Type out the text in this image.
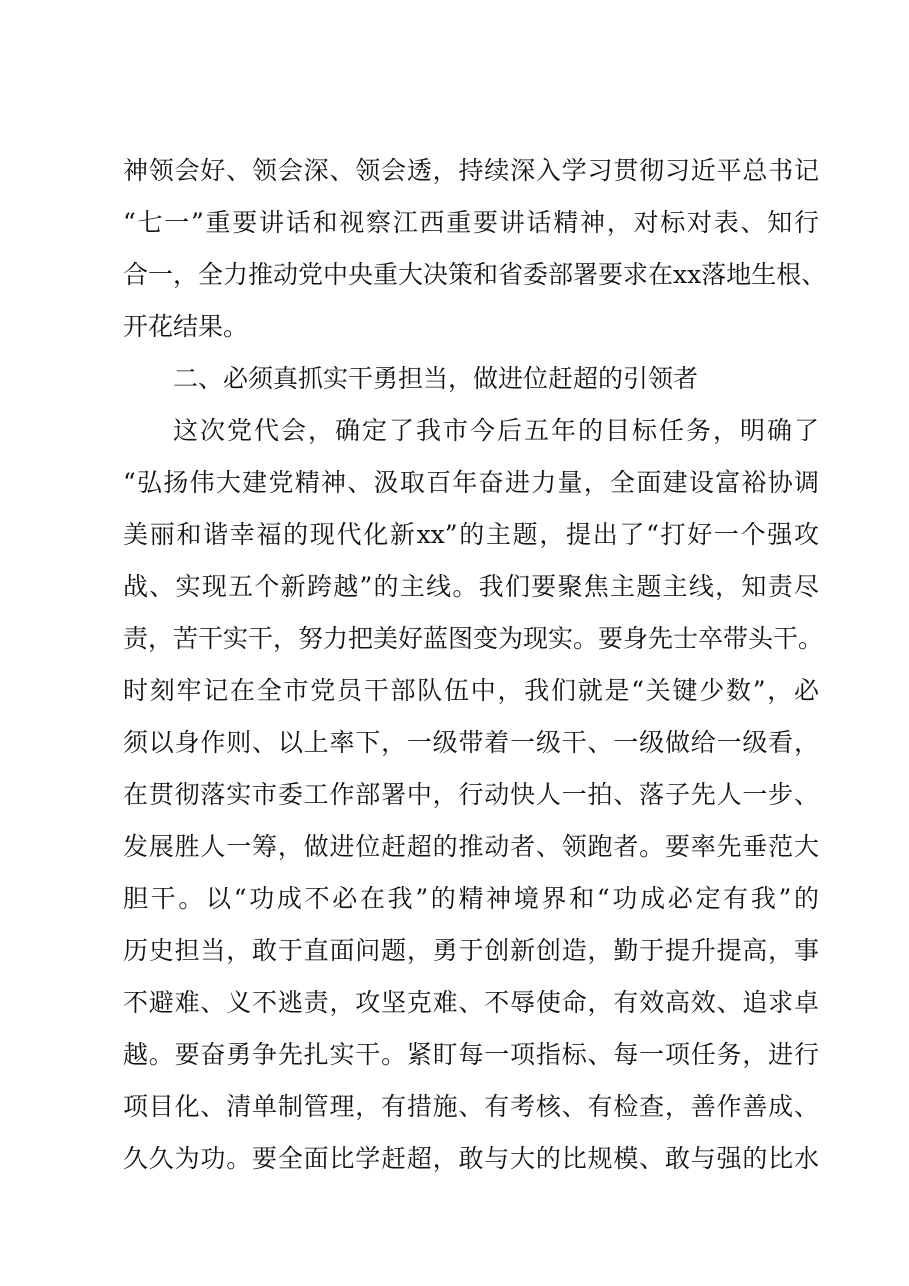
神领会好、领会深、领会透，持续深入学习贯彻习近平总书记
“七一”重要讲话和视察江西重要讲话精神，对标对表、知行
合一，全力推动党中央重大决策和省委部署要求在xx落地生根、
开花结果。
二、必须真抓实干勇担当，做进位赶超的引领者
这次党代会，确定了我市今后五年的目标任务，明确了
“弘扬伟大建党精神、汲取百年奋进力量，全面建设富裕协调
美丽和谐幸福的现代化新xx”的主题，提出了“打好一个强攻
战、实现五个新跨越”的主线。我们要聚焦主题主线，知责尽
责，苦干实干，努力把美好蓝图变为现实。要身先士卒带头干。
时刻牢记在全市党员干部队伍中，我们就是“关键少数”，必
须以身作则、以上率下，一级带着一级干、一级做给一级看，
在贯彻落实市委工作部署中，行动快人一拍、落子先人一步、
发展胜人一筹，做进位赶超的推动者、领跑者。要率先垂范大
胆干。以“功成不必在我”的精神境界和“功成必定有我”的
历史担当，敢于直面问题，勇于创新创造，勤于提升提高，事
不避难、义不逃责，攻坚克难、不辱使命，有效高效、追求卓
越。要奋勇争先扎实干。紧盯每一项指标、每一项任务，进行
项目化、清单制管理，有措施、有考核、有检查，善作善成、
久久为功。要全面比学赶超，敢与大的比规模、敢与强的比水
